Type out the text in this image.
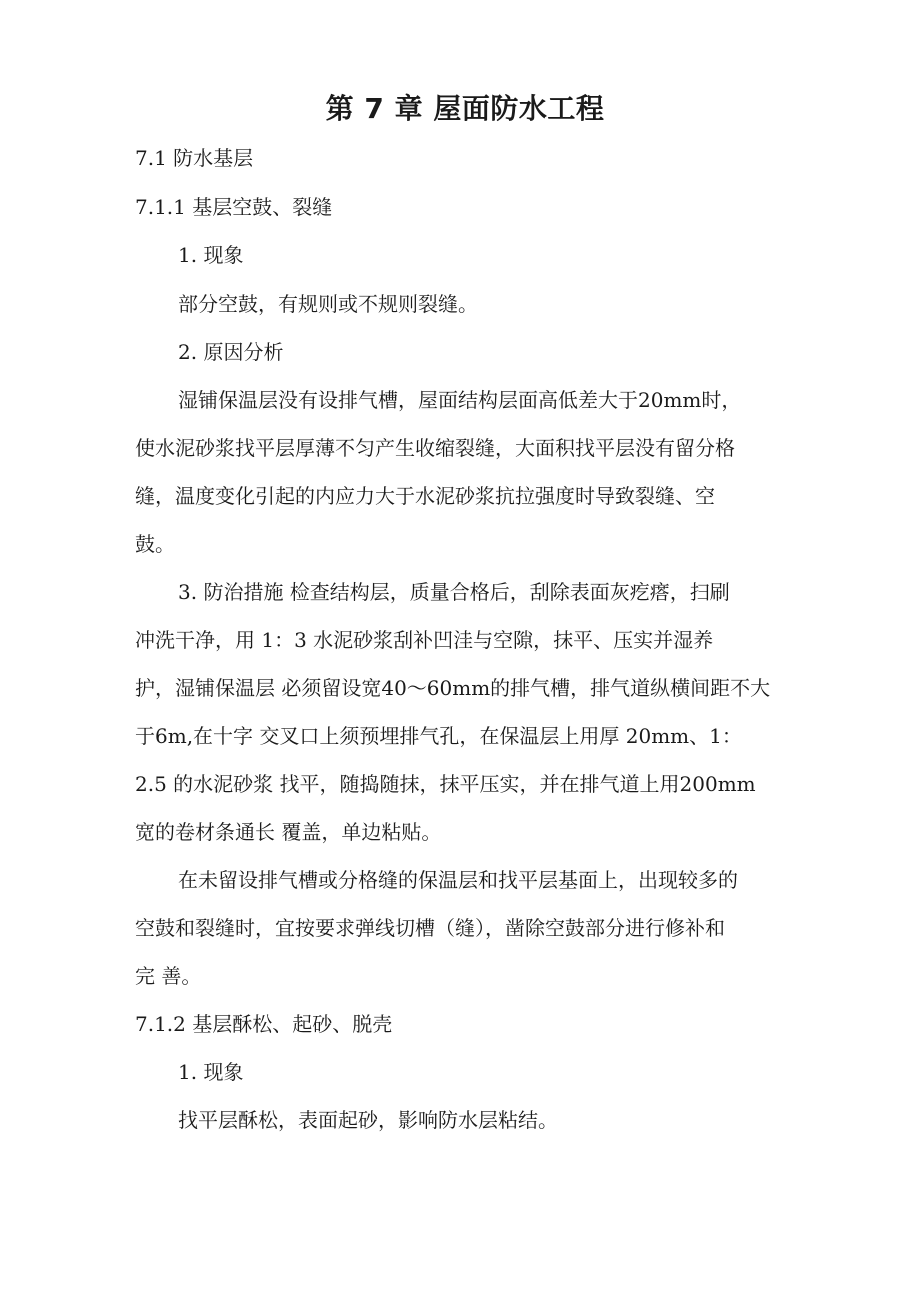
第 7 章 屋面防水工程
7.1 防水基层
7.1.1 基层空鼓、裂缝
1. 现象
部分空鼓，有规则或不规则裂缝。
2. 原因分析
湿铺保温层没有设排气槽，屋面结构层面高低差大于20mm时，
使水泥砂浆找平层厚薄不匀产生收缩裂缝，大面积找平层没有留分格
缝，温度变化引起的内应力大于水泥砂浆抗拉强度时导致裂缝、空
鼓。
3. 防治措施 检查结构层，质量合格后，刮除表面灰疙瘩，扫刷
冲洗干净，用 1：3 水泥砂浆刮补凹洼与空隙，抹平、压实并湿养
护，湿铺保温层 必须留设宽40〜60mm的排气槽，排气道纵横间距不大
于6m,在十字 交叉口上须预埋排气孔，在保温层上用厚 20mm、1：
2.5 的水泥砂浆 找平，随捣随抹，抹平压实，并在排气道上用200mm
宽的卷材条通长 覆盖，单边粘贴。
在未留设排气槽或分格缝的保温层和找平层基面上，出现较多的
空鼓和裂缝时，宜按要求弹线切槽（缝），凿除空鼓部分进行修补和
完 善。
7.1.2 基层酥松、起砂、脱壳
1. 现象
找平层酥松，表面起砂，影响防水层粘结。
